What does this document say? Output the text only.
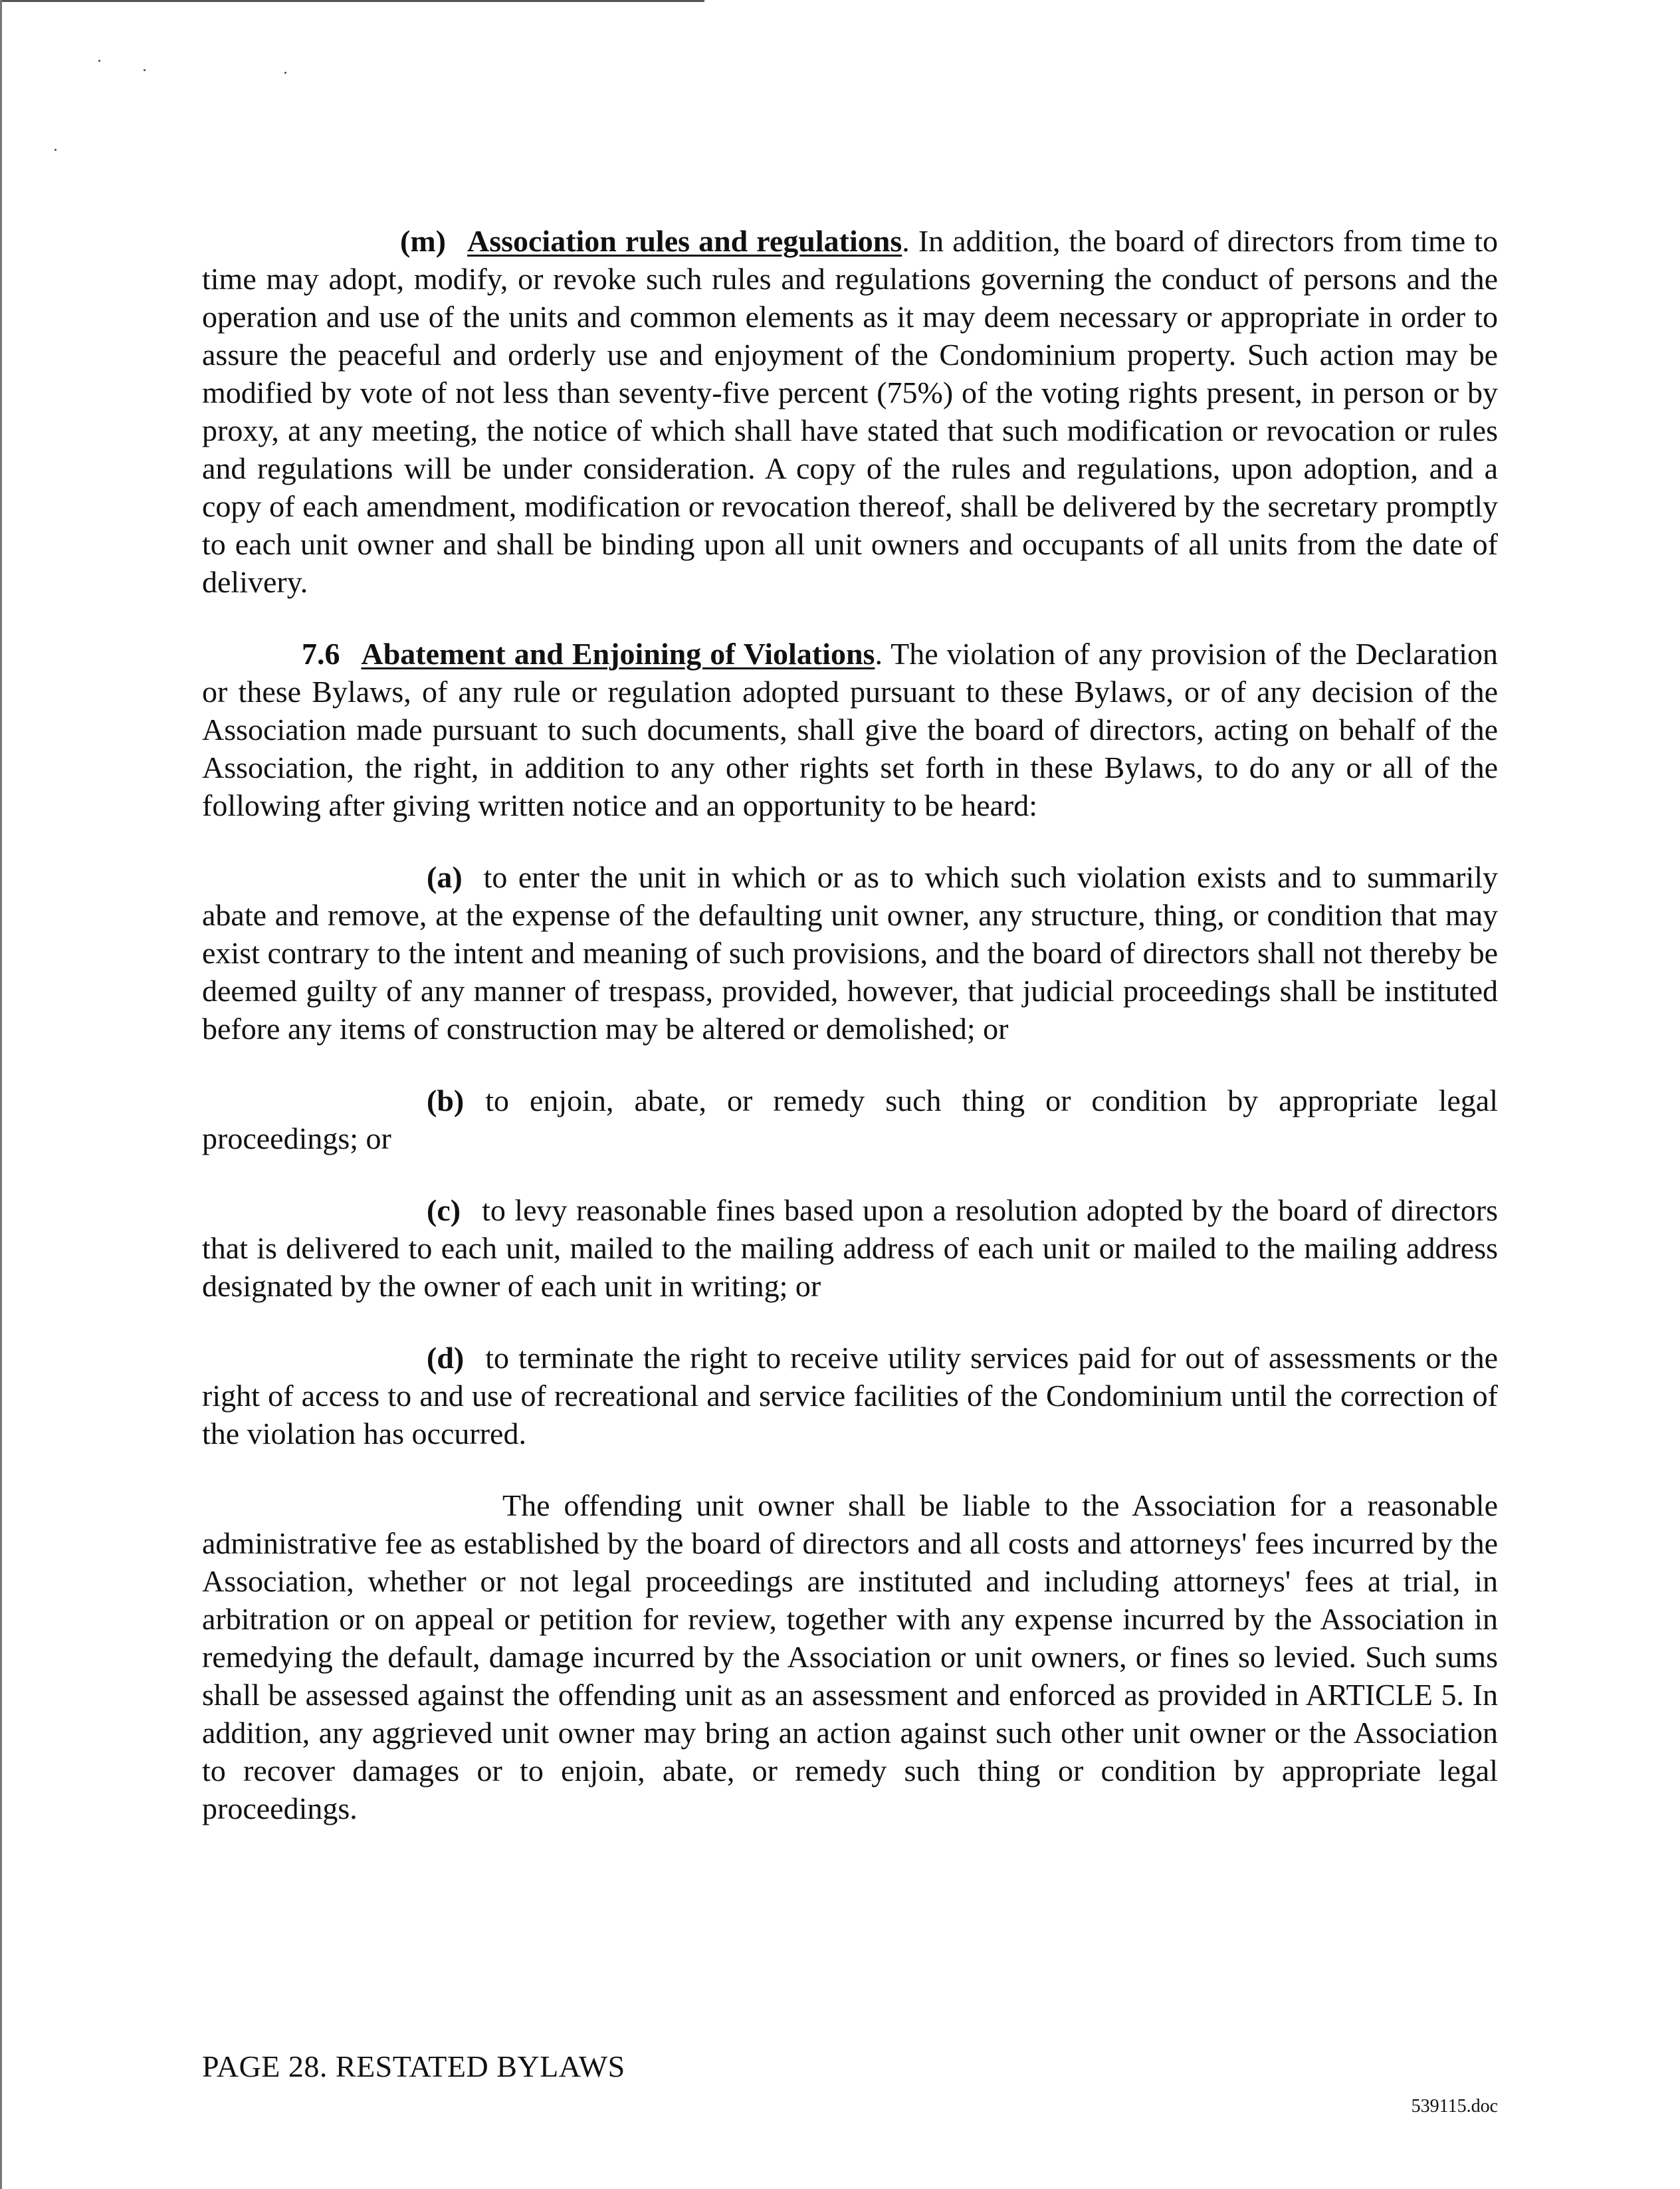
(m) Association rules and regulations. In addition, the board of directors from time to time may adopt, modify, or revoke such rules and regulations governing the conduct of persons and the operation and use of the units and common elements as it may deem necessary or appropriate in order to assure the peaceful and orderly use and enjoyment of the Condominium property. Such action may be modified by vote of not less than seventy-five percent (75%) of the voting rights present, in person or by proxy, at any meeting, the notice of which shall have stated that such modification or revocation or rules and regulations will be under consideration. A copy of the rules and regulations, upon adoption, and a copy of each amendment, modification or revocation thereof, shall be delivered by the secretary promptly to each unit owner and shall be binding upon all unit owners and occupants of all units from the date of delivery.

7.6 Abatement and Enjoining of Violations. The violation of any provision of the Declaration or these Bylaws, of any rule or regulation adopted pursuant to these Bylaws, or of any decision of the Association made pursuant to such documents, shall give the board of directors, acting on behalf of the Association, the right, in addition to any other rights set forth in these Bylaws, to do any or all of the following after giving written notice and an opportunity to be heard:

(a) to enter the unit in which or as to which such violation exists and to summarily abate and remove, at the expense of the defaulting unit owner, any structure, thing, or condition that may exist contrary to the intent and meaning of such provisions, and the board of directors shall not thereby be deemed guilty of any manner of trespass, provided, however, that judicial proceedings shall be instituted before any items of construction may be altered or demolished; or

(b) to enjoin, abate, or remedy such thing or condition by appropriate legal proceedings; or

(c) to levy reasonable fines based upon a resolution adopted by the board of directors that is delivered to each unit, mailed to the mailing address of each unit or mailed to the mailing address designated by the owner of each unit in writing; or

(d) to terminate the right to receive utility services paid for out of assessments or the right of access to and use of recreational and service facilities of the Condominium until the correction of the violation has occurred.

The offending unit owner shall be liable to the Association for a reasonable administrative fee as established by the board of directors and all costs and attorneys' fees incurred by the Association, whether or not legal proceedings are instituted and including attorneys' fees at trial, in arbitration or on appeal or petition for review, together with any expense incurred by the Association in remedying the default, damage incurred by the Association or unit owners, or fines so levied. Such sums shall be assessed against the offending unit as an assessment and enforced as provided in ARTICLE 5. In addition, any aggrieved unit owner may bring an action against such other unit owner or the Association to recover damages or to enjoin, abate, or remedy such thing or condition by appropriate legal proceedings.

PAGE 28. RESTATED BYLAWS
539115.doc
